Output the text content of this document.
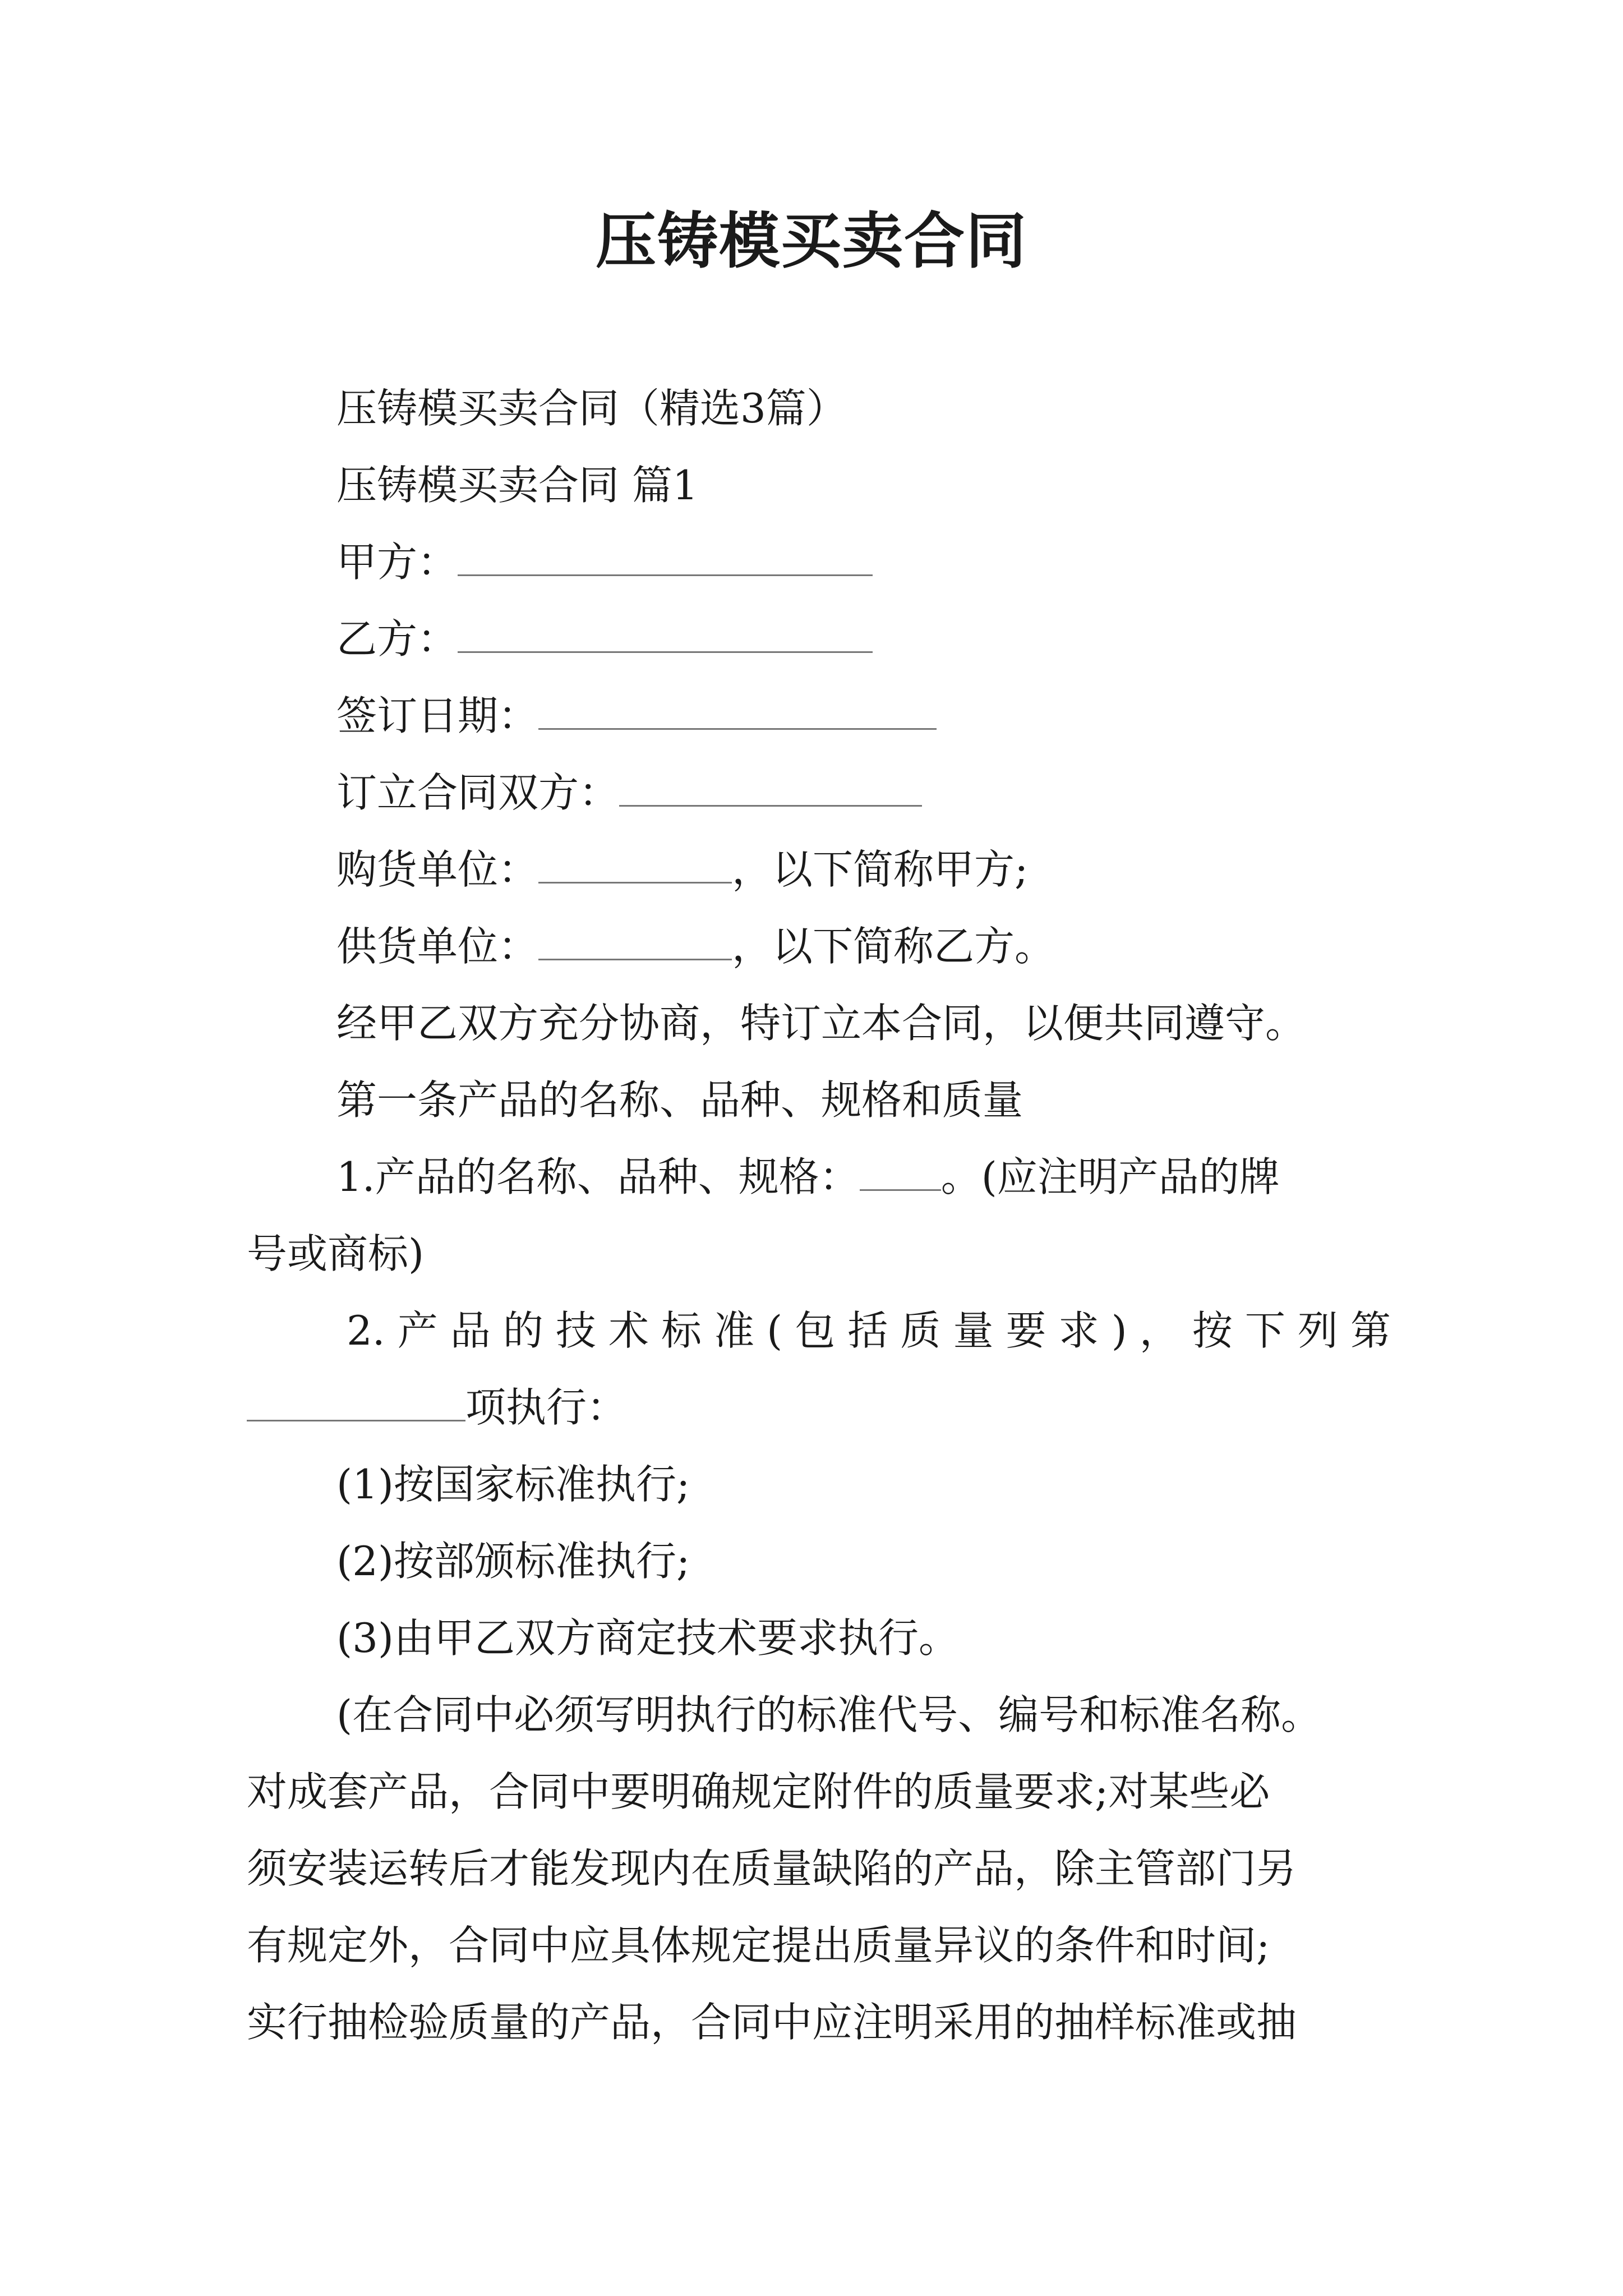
压铸模买卖合同
压铸模买卖合同（精选3篇）
压铸模买卖合同 篇1
甲方：
乙方：
签订日期：
订立合同双方：
购货单位：	，以下简称甲方;
供货单位：	，以下简称乙方。
经甲乙双方充分协商，特订立本合同，以便共同遵守。
第一条产品的名称、品种、规格和质量
1.产品的名称、品种、规格： 。(应注明产品的牌
号或商标)
2.产品的技术标准(包括质量要求)，按下列第
项执行：
(1)按国家标准执行;
(2)按部颁标准执行;
(3)由甲乙双方商定技术要求执行。
(在合同中必须写明执行的标准代号、编号和标准名称。
对成套产品，合同中要明确规定附件的质量要求;对某些必
须安装运转后才能发现内在质量缺陷的产品，除主管部门另
有规定外，合同中应具体规定提出质量异议的条件和时间;
实行抽检验质量的产品，合同中应注明采用的抽样标准或抽
